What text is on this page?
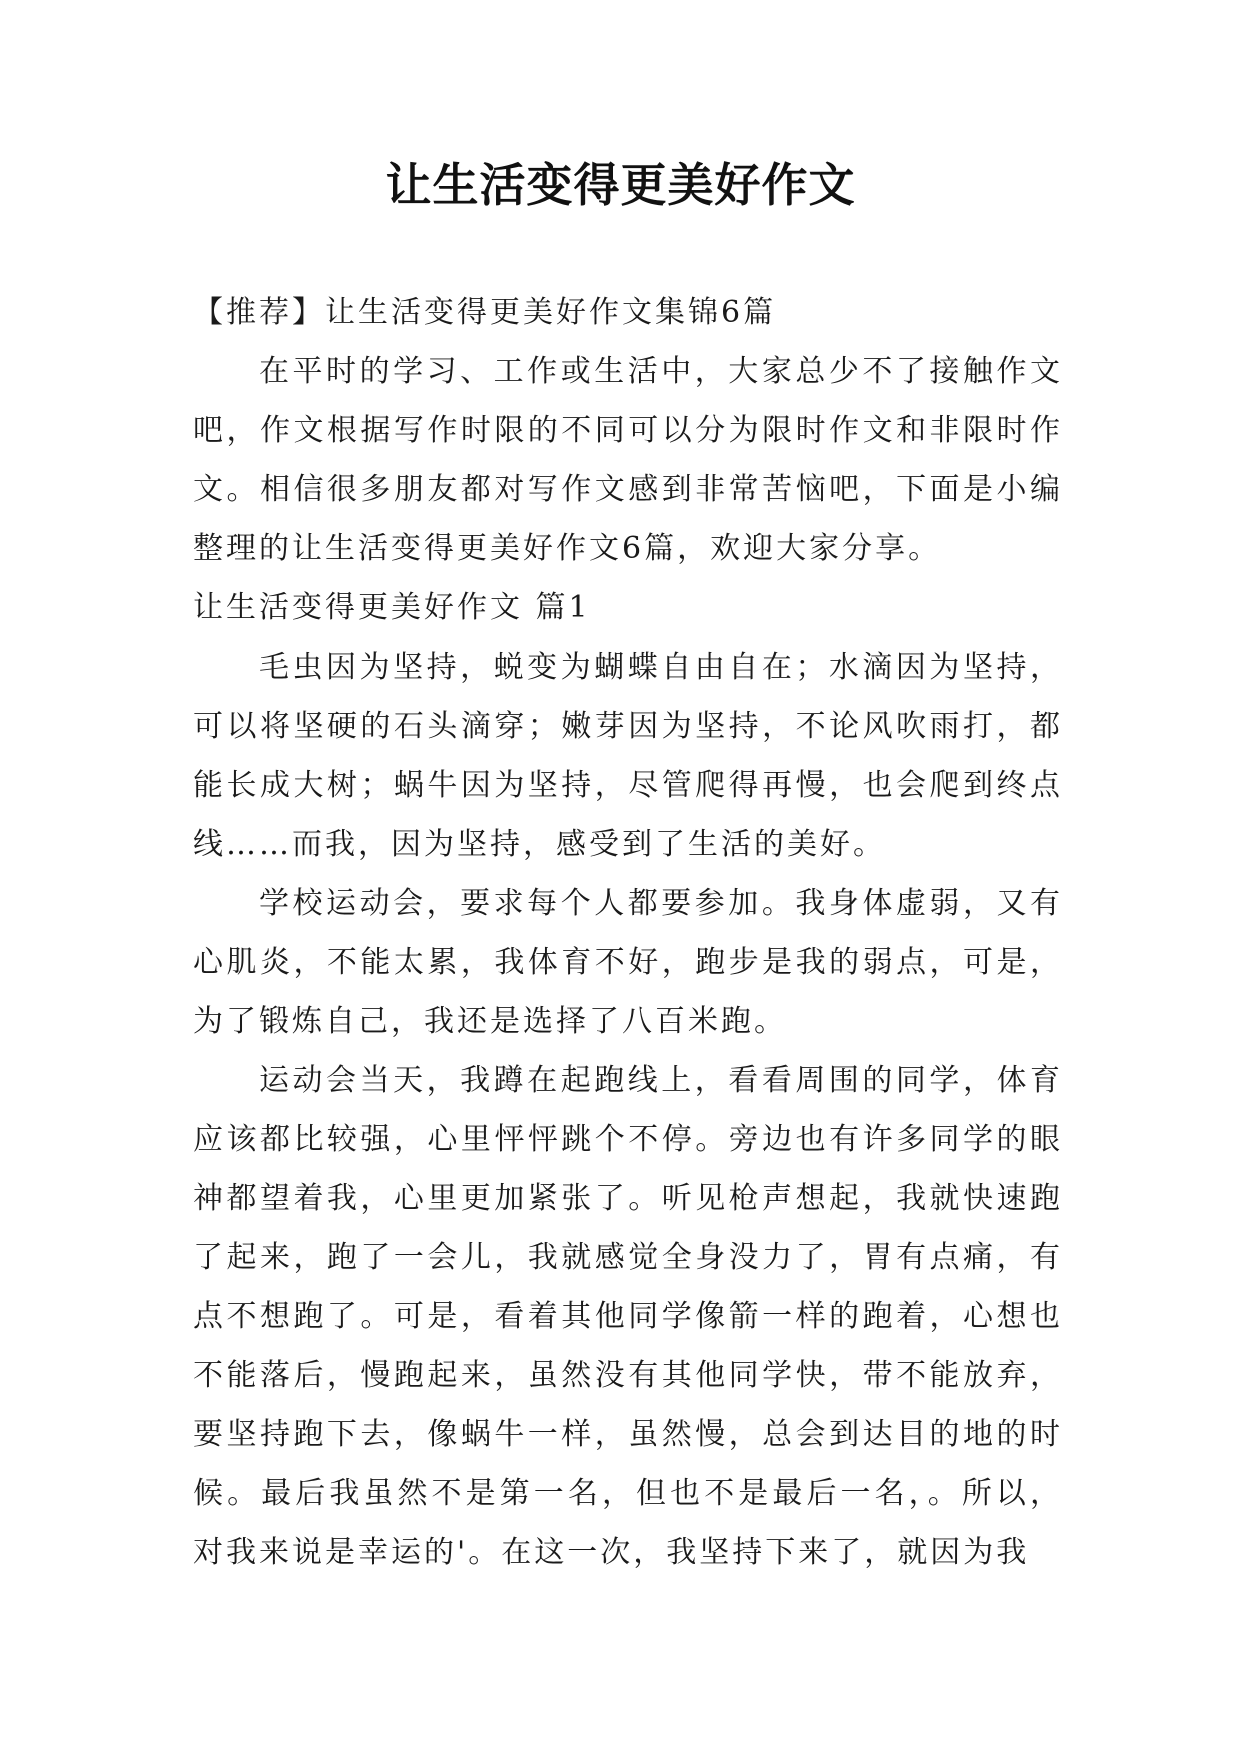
让生活变得更美好作文

【推荐】让生活变得更美好作文集锦6篇

在平时的学习、工作或生活中，大家总少不了接触作文吧，作文根据写作时限的不同可以分为限时作文和非限时作文。相信很多朋友都对写作文感到非常苦恼吧，下面是小编整理的让生活变得更美好作文6篇，欢迎大家分享。

让生活变得更美好作文 篇1

毛虫因为坚持，蜕变为蝴蝶自由自在；水滴因为坚持，可以将坚硬的石头滴穿；嫩芽因为坚持，不论风吹雨打，都能长成大树；蜗牛因为坚持，尽管爬得再慢，也会爬到终点线……而我，因为坚持，感受到了生活的美好。

学校运动会，要求每个人都要参加。我身体虚弱，又有心肌炎，不能太累，我体育不好，跑步是我的弱点，可是，为了锻炼自己，我还是选择了八百米跑。

运动会当天，我蹲在起跑线上，看看周围的同学，体育应该都比较强，心里怦怦跳个不停。旁边也有许多同学的眼神都望着我，心里更加紧张了。听见枪声想起，我就快速跑了起来，跑了一会儿，我就感觉全身没力了，胃有点痛，有点不想跑了。可是，看着其他同学像箭一样的跑着，心想也不能落后，慢跑起来，虽然没有其他同学快，带不能放弃，要坚持跑下去，像蜗牛一样，虽然慢，总会到达目的地的时候。最后我虽然不是第一名，但也不是最后一名，。所以，对我来说是幸运的'。在这一次，我坚持下来了，就因为我
